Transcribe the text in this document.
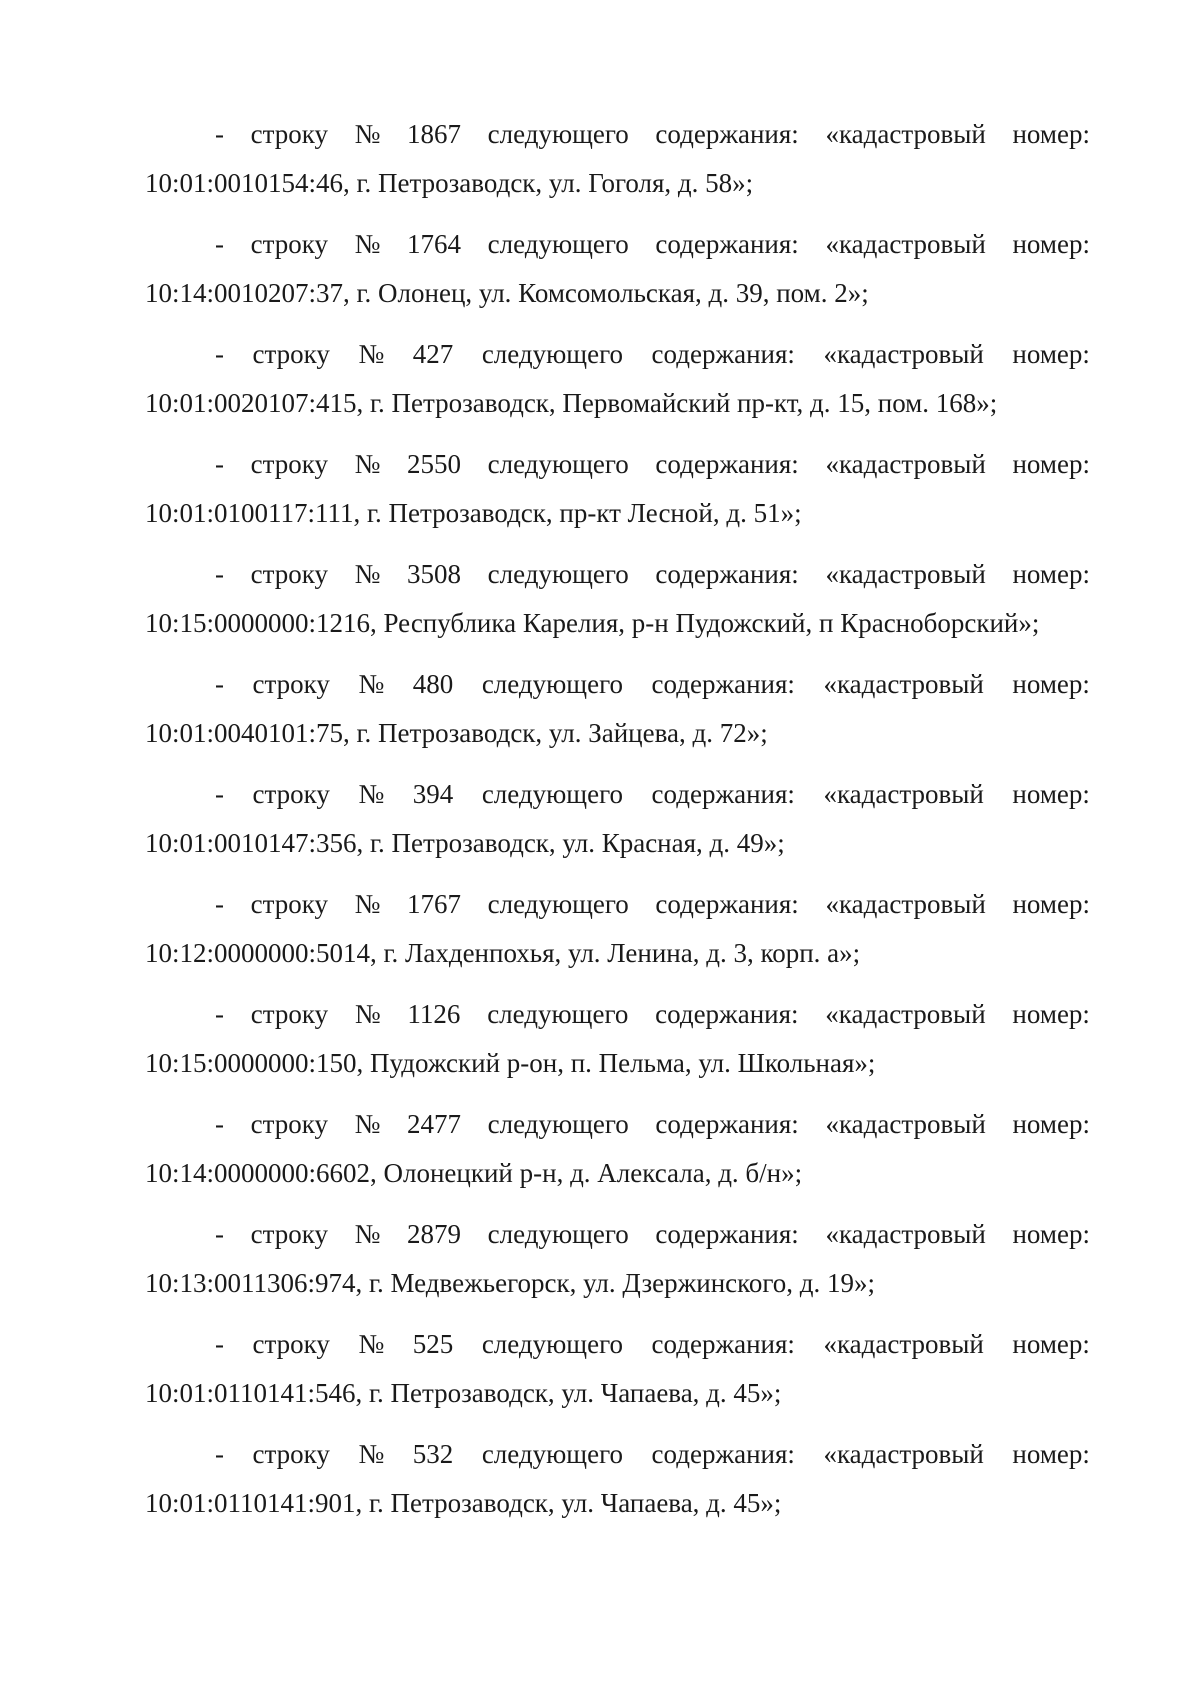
- строку № 1867 следующего содержания: «кадастровый номер:
10:01:0010154:46, г. Петрозаводск, ул. Гоголя, д. 58»;
- строку № 1764 следующего содержания: «кадастровый номер:
10:14:0010207:37, г. Олонец, ул. Комсомольская, д. 39, пом. 2»;
- строку № 427 следующего содержания: «кадастровый номер:
10:01:0020107:415, г. Петрозаводск, Первомайский пр-кт, д. 15, пом. 168»;
- строку № 2550 следующего содержания: «кадастровый номер:
10:01:0100117:111, г. Петрозаводск, пр-кт Лесной, д. 51»;
- строку № 3508 следующего содержания: «кадастровый номер:
10:15:0000000:1216, Республика Карелия, р-н Пудожский, п Красноборский»;
- строку № 480 следующего содержания: «кадастровый номер:
10:01:0040101:75, г. Петрозаводск, ул. Зайцева, д. 72»;
- строку № 394 следующего содержания: «кадастровый номер:
10:01:0010147:356, г. Петрозаводск, ул. Красная, д. 49»;
- строку № 1767 следующего содержания: «кадастровый номер:
10:12:0000000:5014, г. Лахденпохья, ул. Ленина, д. 3, корп. а»;
- строку № 1126 следующего содержания: «кадастровый номер:
10:15:0000000:150, Пудожский р-он, п. Пельма, ул. Школьная»;
- строку № 2477 следующего содержания: «кадастровый номер:
10:14:0000000:6602, Олонецкий р-н, д. Алексала, д. б/н»;
- строку № 2879 следующего содержания: «кадастровый номер:
10:13:0011306:974, г. Медвежьегорск, ул. Дзержинского, д. 19»;
- строку № 525 следующего содержания: «кадастровый номер:
10:01:0110141:546, г. Петрозаводск, ул. Чапаева, д. 45»;
- строку № 532 следующего содержания: «кадастровый номер:
10:01:0110141:901, г. Петрозаводск, ул. Чапаева, д. 45»;
